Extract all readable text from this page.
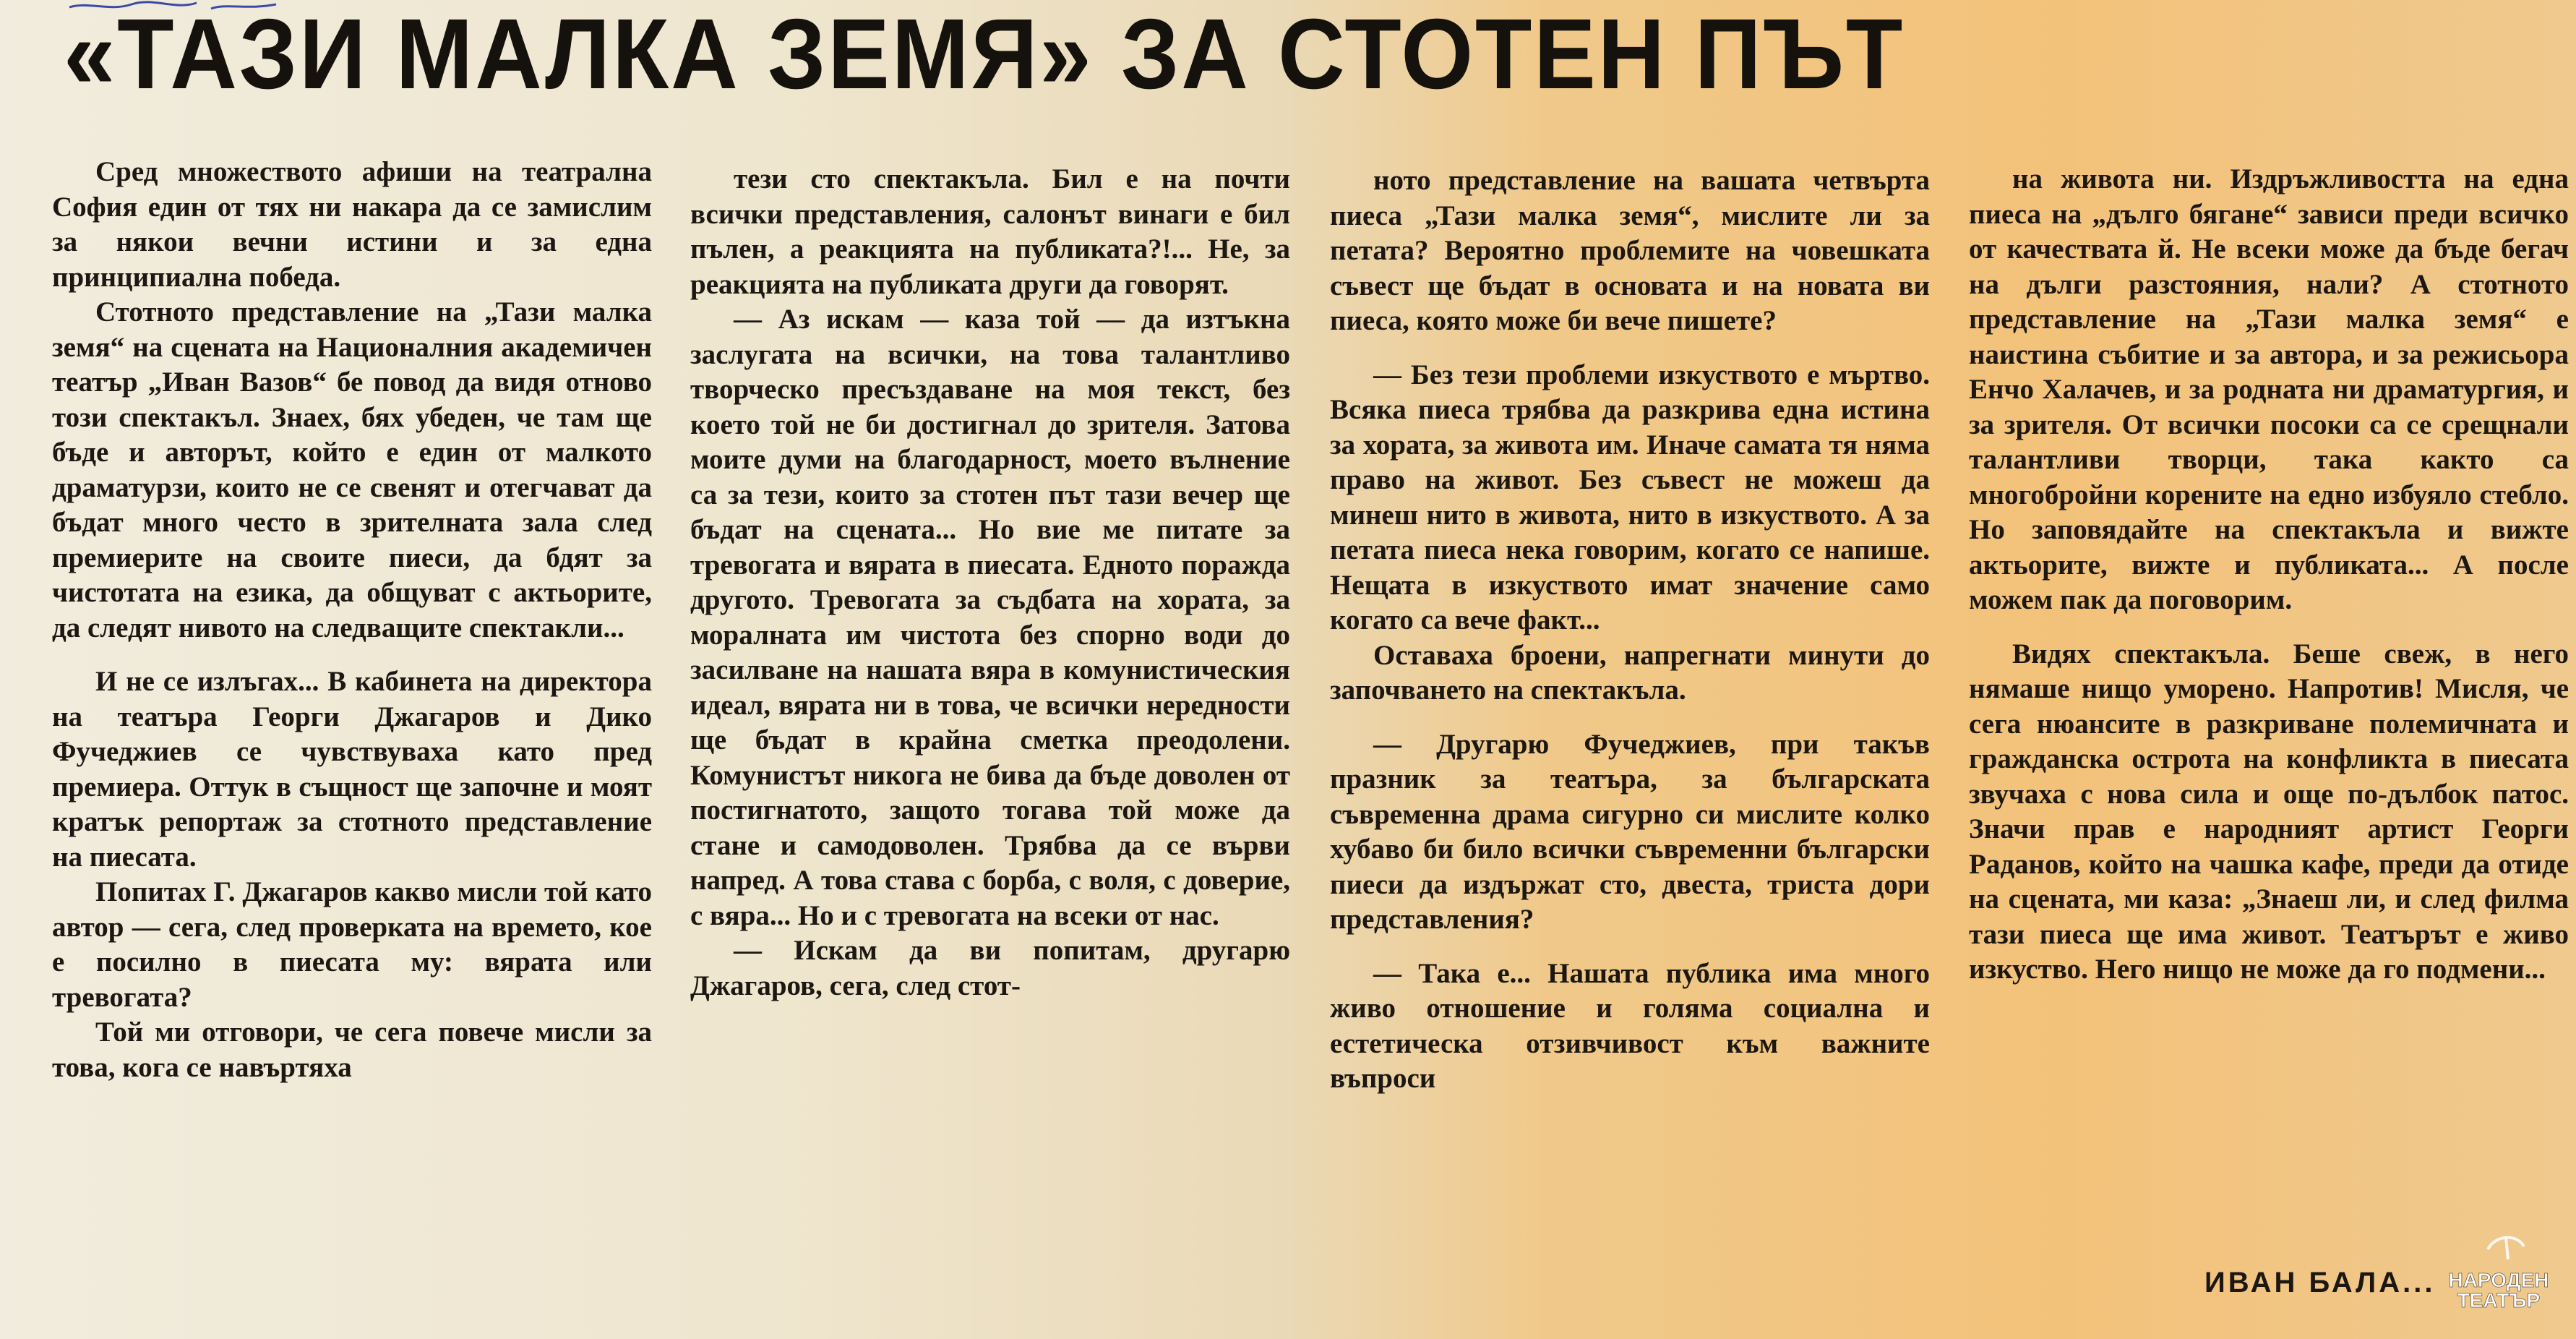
«ТАЗИ МАЛКА ЗЕМЯ» ЗА СТОТЕН ПЪТ

Сред множеството афиши на театрална София един от тях ни накара да се замислим за някои вечни истини и за една принципиална победа.

Стотното представление на „Тази малка земя“ на сцената на Националния академичен театър „Иван Вазов“ бе повод да видя отново този спектакъл. Знаех, бях убеден, че там ще бъде и авторът, който е един от малкото драматурзи, които не се свенят и отегчават да бъдат много често в зрителната зала след премиерите на своите пиеси, да бдят за чистотата на езика, да общуват с актьорите, да следят нивото на следващите спектакли...

И не се излъгах... В кабинета на директора на театъра Георги Джагаров и Дико Фучеджиев се чувствуваха като пред премиера. Оттук в същност ще започне и моят кратък репортаж за стотното представление на пиесата.

Попитах Г. Джагаров какво мисли той като автор — сега, след проверката на времето, кое е посилно в пиесата му: вярата или тревогата?

Той ми отговори, че сега повече мисли за това, кога се навъртяха

тези сто спектакъла. Бил е на почти всички представления, салонът винаги е бил пълен, а реакцията на публиката?!... Не, за реакцията на публиката други да говорят.

— Аз искам — каза той — да изтъкна заслугата на всички, на това талантливо творческо пресъздаване на моя текст, без което той не би достигнал до зрителя. Затова моите думи на благодарност, моето вълнение са за тези, които за стотен път тази вечер ще бъдат на сцената... Но вие ме питате за тревогата и вярата в пиесата. Едното поражда другото. Тревогата за съдбата на хората, за моралната им чистота без спорно води до засилване на нашата вяра в комунистическия идеал, вярата ни в това, че всички нередности ще бъдат в крайна сметка преодолени. Комунистът никога не бива да бъде доволен от постигнатото, защото тогава той може да стане и самодоволен. Трябва да се върви напред. А това става с борба, с воля, с доверие, с вяра... Но и с тревогата на всеки от нас.

— Искам да ви попитам, другарю Джагаров, сега, след стот-

ното представление на вашата четвърта пиеса „Тази малка земя“, мислите ли за петата? Вероятно проблемите на човешката съвест ще бъдат в основата и на новата ви пиеса, която може би вече пишете?

— Без тези проблеми изкуството е мъртво. Всяка пиеса трябва да разкрива една истина за хората, за живота им. Иначе самата тя няма право на живот. Без съвест не можеш да минеш нито в живота, нито в изкуството. А за петата пиеса нека говорим, когато се напише. Нещата в изкуството имат значение само когато са вече факт...

Оставаха броени, напрегнати минути до започването на спектакъла.

— Другарю Фучеджиев, при такъв празник за театъра, за българската съвременна драма сигурно си мислите колко хубаво би било всички съвременни български пиеси да издържат сто, двеста, триста дори представления?

— Така е... Нашата публика има много живо отношение и голяма социална и естетическа отзивчивост към важните въпроси

на живота ни. Издръжливостта на една пиеса на „дълго бягане“ зависи преди всичко от качествата й. Не всеки може да бъде бегач на дълги разстояния, нали? А стотното представление на „Тази малка земя“ е наистина събитие и за автора, и за режисьора Енчо Халачев, и за родната ни драматургия, и за зрителя. От всички посоки са се срещнали талантливи творци, така както са многобройни корените на едно избуяло стебло. Но заповядайте на спектакъла и вижте актьорите, вижте и публиката... А после можем пак да поговорим.

Видях спектакъла. Беше свеж, в него нямаше нищо уморено. Напротив! Мисля, че сега нюансите в разкриване полемичната и гражданска острота на конфликта в пиесата звучаха с нова сила и още по-дълбок патос. Значи прав е народният артист Георги Раданов, който на чашка кафе, преди да отиде на сцената, ми каза: „Знаеш ли, и след филма тази пиеса ще има живот. Театърът е живо изкуство. Него нищо не може да го подмени...

ИВАН БАЛА... НАРОДЕН
ТЕАТЪР
